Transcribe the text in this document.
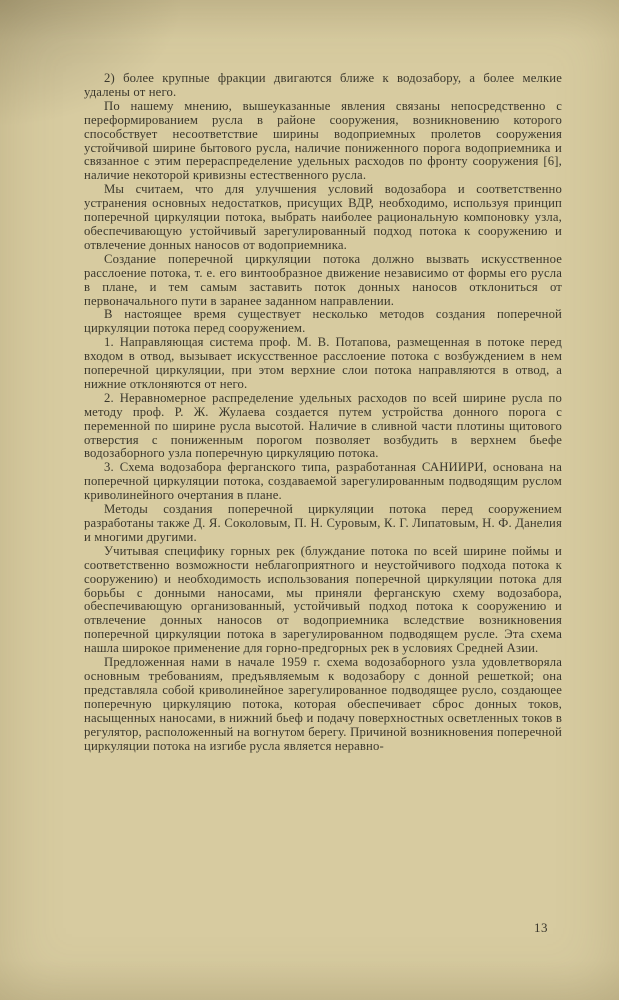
2) более крупные фракции двигаются ближе к водозабору, а более мелкие удалены от него.

По нашему мнению, вышеуказанные явления связаны непосредственно с переформированием русла в районе сооружения, возникновению которого способствует несоответствие ширины водоприемных пролетов сооружения устойчивой ширине бытового русла, наличие пониженного порога водоприемника и связанное с этим перераспределение удельных расходов по фронту сооружения [6], наличие некоторой кривизны естественного русла.

Мы считаем, что для улучшения условий водозабора и соответственно устранения основных недостатков, присущих ВДР, необходимо, используя принцип поперечной циркуляции потока, выбрать наиболее рациональную компоновку узла, обеспечивающую устойчивый зарегулированный подход потока к сооружению и отвлечение донных наносов от водоприемника.

Создание поперечной циркуляции потока должно вызвать искусственное расслоение потока, т. е. его винтообразное движение независимо от формы его русла в плане, и тем самым заставить поток донных наносов отклониться от первоначального пути в заранее заданном направлении.

В настоящее время существует несколько методов создания поперечной циркуляции потока перед сооружением.

1. Направляющая система проф. М. В. Потапова, размещенная в потоке перед входом в отвод, вызывает искусственное расслоение потока с возбуждением в нем поперечной циркуляции, при этом верхние слои потока направляются в отвод, а нижние отклоняются от него.

2. Неравномерное распределение удельных расходов по всей ширине русла по методу проф. Р. Ж. Жулаева создается путем устройства донного порога с переменной по ширине русла высотой. Наличие в сливной части плотины щитового отверстия с пониженным порогом позволяет возбудить в верхнем бьефе водозаборного узла поперечную циркуляцию потока.

3. Схема водозабора ферганского типа, разработанная САНИИРИ, основана на поперечной циркуляции потока, создаваемой зарегулированным подводящим руслом криволинейного очертания в плане.

Методы создания поперечной циркуляции потока перед сооружением разработаны также Д. Я. Соколовым, П. Н. Суровым, К. Г. Липатовым, Н. Ф. Данелия и многими другими.

Учитывая специфику горных рек (блуждание потока по всей ширине поймы и соответственно возможности неблагоприятного и неустойчивого подхода потока к сооружению) и необходимость использования поперечной циркуляции потока для борьбы с донными наносами, мы приняли ферганскую схему водозабора, обеспечивающую организованный, устойчивый подход потока к сооружению и отвлечение донных наносов от водоприемника вследствие возникновения поперечной циркуляции потока в зарегулированном подводящем русле. Эта схема нашла широкое применение для горно-предгорных рек в условиях Средней Азии.

Предложенная нами в начале 1959 г. схема водозаборного узла удовлетворяла основным требованиям, предъявляемым к водозабору с донной решеткой; она представляла собой криволинейное зарегулированное подводящее русло, создающее поперечную циркуляцию потока, которая обеспечивает сброс донных токов, насыщенных наносами, в нижний бьеф и подачу поверхностных осветленных токов в регулятор, расположенный на вогнутом берегу. Причиной возникновения поперечной циркуляции потока на изгибе русла является неравно-

13
